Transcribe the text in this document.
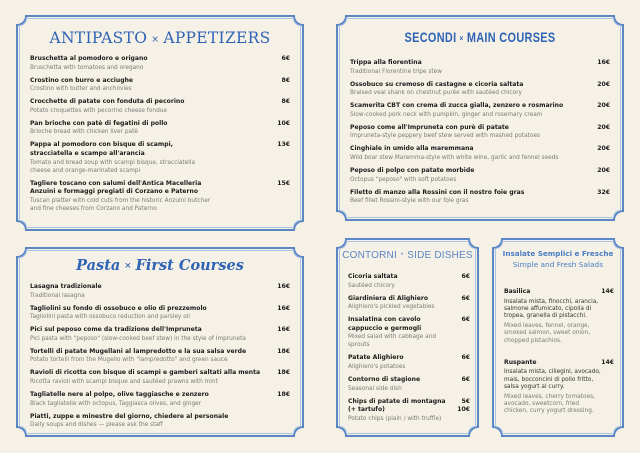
ANTIPASTO × APPETIZERS
Bruschetta al pomodoro e origano
Bruschetta with tomatoes and oregano
6€
Crostino con burro e acciughe
Crostino with butter and anchovies
8€
Crocchette di patate con fonduta di pecorino
Potato croquettes with pecorino cheese fondue
8€
Pan brioche con patè di fegatini di pollo
Brioche bread with chicken liver patè
10€
Pappa al pomodoro con bisque di scampi, stracciatella e scampo all'arancia
Tomato and bread soup with scampi bisque, stracciatella cheese and orange-marinated scampi
13€
Tagliere toscano con salumi dell'Antica Macelleria Anzuini e formaggi pregiati di Corzano e Paterno
Tuscan platter with cold cuts from the historic Anzuini butcher and fine cheeses from Corzano and Paterno
15€
Pasta × First Courses
Lasagna tradizionale
Traditional lasagna
16€
Tagliolini su fondo di ossobuco e olio di prezzemolo
Tagliolini pasta with ossobuco reduction and parsley oil
16€
Pici sul peposo come da tradizione dell'Impruneta
Pici pasta with "peposo" (slow-cooked beef stew) in the style of Impruneta
16€
Tortelli di patate Mugellani al lampredotto e la sua salsa verde
Potato tortelli from the Mugello with "lampredotto" and green sauce
18€
Ravioli di ricotta con bisque di scampi e gamberi saltati alla menta
Ricotta ravioli with scampi bisque and sautéed prawns with mint
18€
Tagliatelle nere al polpo, olive taggiasche e zenzero
Black tagliatelle with octopus, Taggiasca olives, and ginger
18€
Piatti, zuppe e minestre del giorno, chiedere al personale
Daily soups and dishes — please ask the staff
SECONDI × MAIN COURSES
Trippa alla fiorentina
Traditional Florentine tripe stew
16€
Ossobuco su cremoso di castagne e cicoria saltata
Braised veal shank on chestnut purée with sautéed chicory
20€
Scamerita CBT con crema di zucca gialla, zenzero e rosmarino
Slow-cooked pork neck with pumpkin, ginger and rosemary cream
20€
Peposo come all'Impruneta con purè di patate
Impruneta-style peppery beef stew served with mashed potatoes
20€
Cinghiale in umido alla maremmana
Wild boar stew Maremma-style with white wine, garlic and fennel seeds
20€
Peposo di polpo con patate morbide
Octopus "peposo" with soft potatoes
20€
Filetto di manzo alla Rossini con il nostro foie gras
Beef fillet Rossini-style with our foie gras
32€
CONTORNI • SIDE DISHES
Cicoria saltata
Sautéed chicory
6€
Giardiniera di Alighiero
Alighiero's pickled vegetables
6€
Insalatina con cavolo cappuccio e germogli
Mixed salad with cabbage and sprouts
6€
Patate Alighiero
Alighiero's potatoes
6€
Contorno di stagione
Seasonal side dish
6€
Chips di patate di montagna (+ tartufo)
Potato chips (plain / with truffle)
5€
10€
Insalate Semplici e Fresche
Simple and Fresh Salads
Basilica
Insalata mista, finocchi, arancia, salmone affumicato, cipolla di tropea, granella di pistacchi.
Mixed leaves, fennel, orange, smoked salmon, sweet onion, chopped pistachios.
14€
Ruspante
Insalata mista, ciliegini, avocado, mais, bocconcini di pollo fritto, salsa yogurt al curry.
Mixed leaves, cherry tomatoes, avocado, sweetcorn, fried chicken, curry yogurt dressing.
14€
